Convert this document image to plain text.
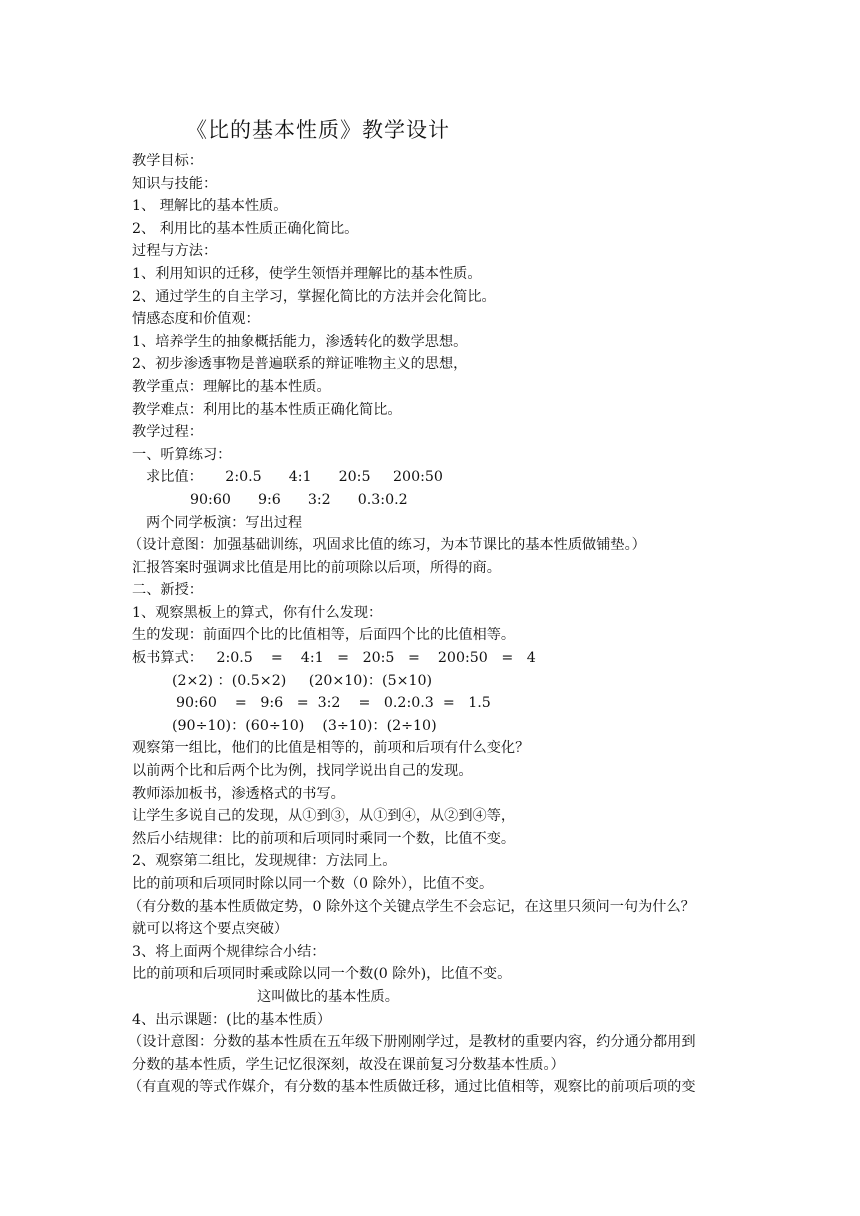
《比的基本性质》教学设计
教学目标：
知识与技能：
1、 理解比的基本性质。
2、 利用比的基本性质正确化简比。
过程与方法：
1、利用知识的迁移，使学生领悟并理解比的基本性质。
2、通过学生的自主学习，掌握化简比的方法并会化简比。
情感态度和价值观：
1、培养学生的抽象概括能力，渗透转化的数学思想。
2、初步渗透事物是普遍联系的辩证唯物主义的思想，
教学重点：理解比的基本性质。
教学难点：利用比的基本性质正确化简比。
教学过程：
一、听算练习：
求比值：     2:0.5      4:1      20:5     200:50
90:60      9:6      3:2      0.3:0.2
两个同学板演：写出过程
（设计意图：加强基础训练，巩固求比值的练习，为本节课比的基本性质做铺垫。）
汇报答案时强调求比值是用比的前项除以后项，所得的商。
二、新授：
1、观察黑板上的算式，你有什么发现：
生的发现：前面四个比的比值相等，后面四个比的比值相等。
板书算式：   2:0.5    =    4:1   =   20:5   =    200:50   =   4
(2×2) ：(0.5×2)     (20×10)：(5×10)
90:60    =   9:6   =  3:2    =   0.2:0.3  =   1.5
(90÷10)：(60÷10)    (3÷10)：(2÷10)
观察第一组比，他们的比值是相等的，前项和后项有什么变化？
以前两个比和后两个比为例，找同学说出自己的发现。
教师添加板书，渗透格式的书写。
让学生多说自己的发现，从①到③，从①到④，从②到④等，
然后小结规律：比的前项和后项同时乘同一个数，比值不变。
2、观察第二组比，发现规律：方法同上。
比的前项和后项同时除以同一个数（0 除外），比值不变。
（有分数的基本性质做定势，0 除外这个关键点学生不会忘记，在这里只须问一句为什么？
就可以将这个要点突破）
3、将上面两个规律综合小结：
比的前项和后项同时乘或除以同一个数(0 除外)，比值不变。
这叫做比的基本性质。
4、出示课题：(比的基本性质）
（设计意图：分数的基本性质在五年级下册刚刚学过，是教材的重要内容，约分通分都用到
分数的基本性质，学生记忆很深刻，故没在课前复习分数基本性质。）
（有直观的等式作媒介，有分数的基本性质做迁移，通过比值相等，观察比的前项后项的变
